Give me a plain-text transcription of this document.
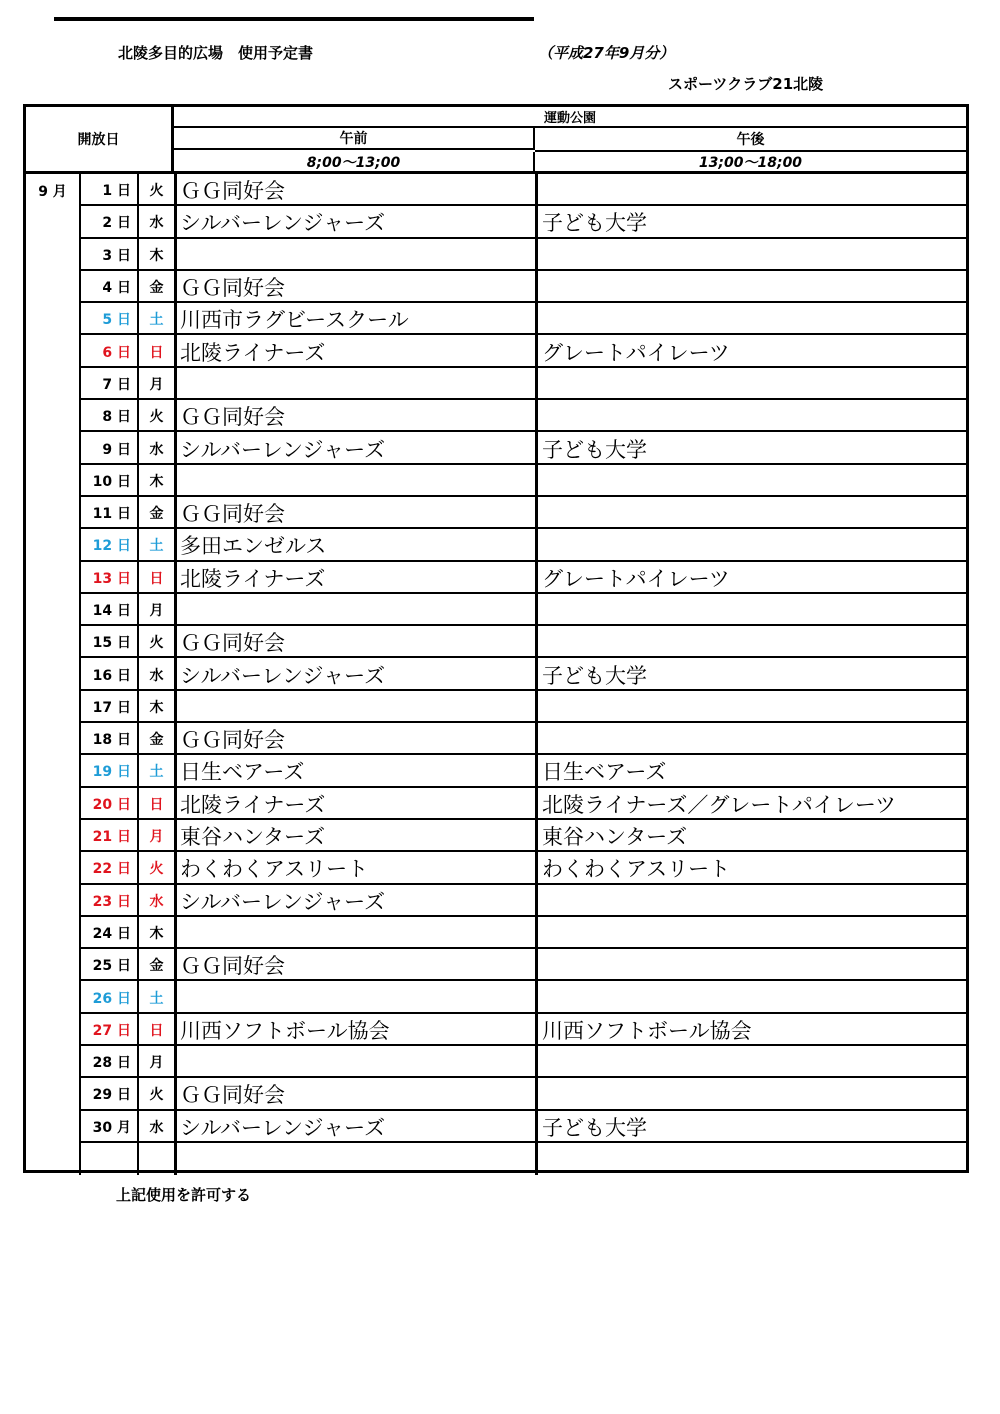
北陵多目的広場　使用予定書	（平成27年9月分）
スポーツクラブ21北陵
開放日
運動公園
午前	午後
8;00～13;00	13;00～18;00
9 月	1 日	火 ＧＧ同好会
2 日	水 シルバーレンジャーズ	子ども大学
3 日	木
4 日	金 ＧＧ同好会
5 日	土 川西市ラグビースクール
6 日	日 北陵ライナーズ	グレートパイレーツ
7 日	月
8 日	火 ＧＧ同好会
9 日	水 シルバーレンジャーズ	子ども大学
10 日	木
11 日	金 ＧＧ同好会
12 日	土 多田エンゼルス
13 日	日 北陵ライナーズ	グレートパイレーツ
14 日	月
15 日	火 ＧＧ同好会
16 日	水 シルバーレンジャーズ	子ども大学
17 日	木
18 日	金 ＧＧ同好会
19 日	土 日生ベアーズ	日生ベアーズ
20 日	日 北陵ライナーズ	北陵ライナーズ／グレートパイレーツ
21 日	月 東谷ハンターズ	東谷ハンターズ
22 日	火 わくわくアスリート	わくわくアスリート
23 日	水 シルバーレンジャーズ
24 日	木
25 日	金 ＧＧ同好会
26 日	土
27 日	日 川西ソフトボール協会	川西ソフトボール協会
28 日	月
29 日	火 ＧＧ同好会
30 月	水 シルバーレンジャーズ	子ども大学
上記使用を許可する
